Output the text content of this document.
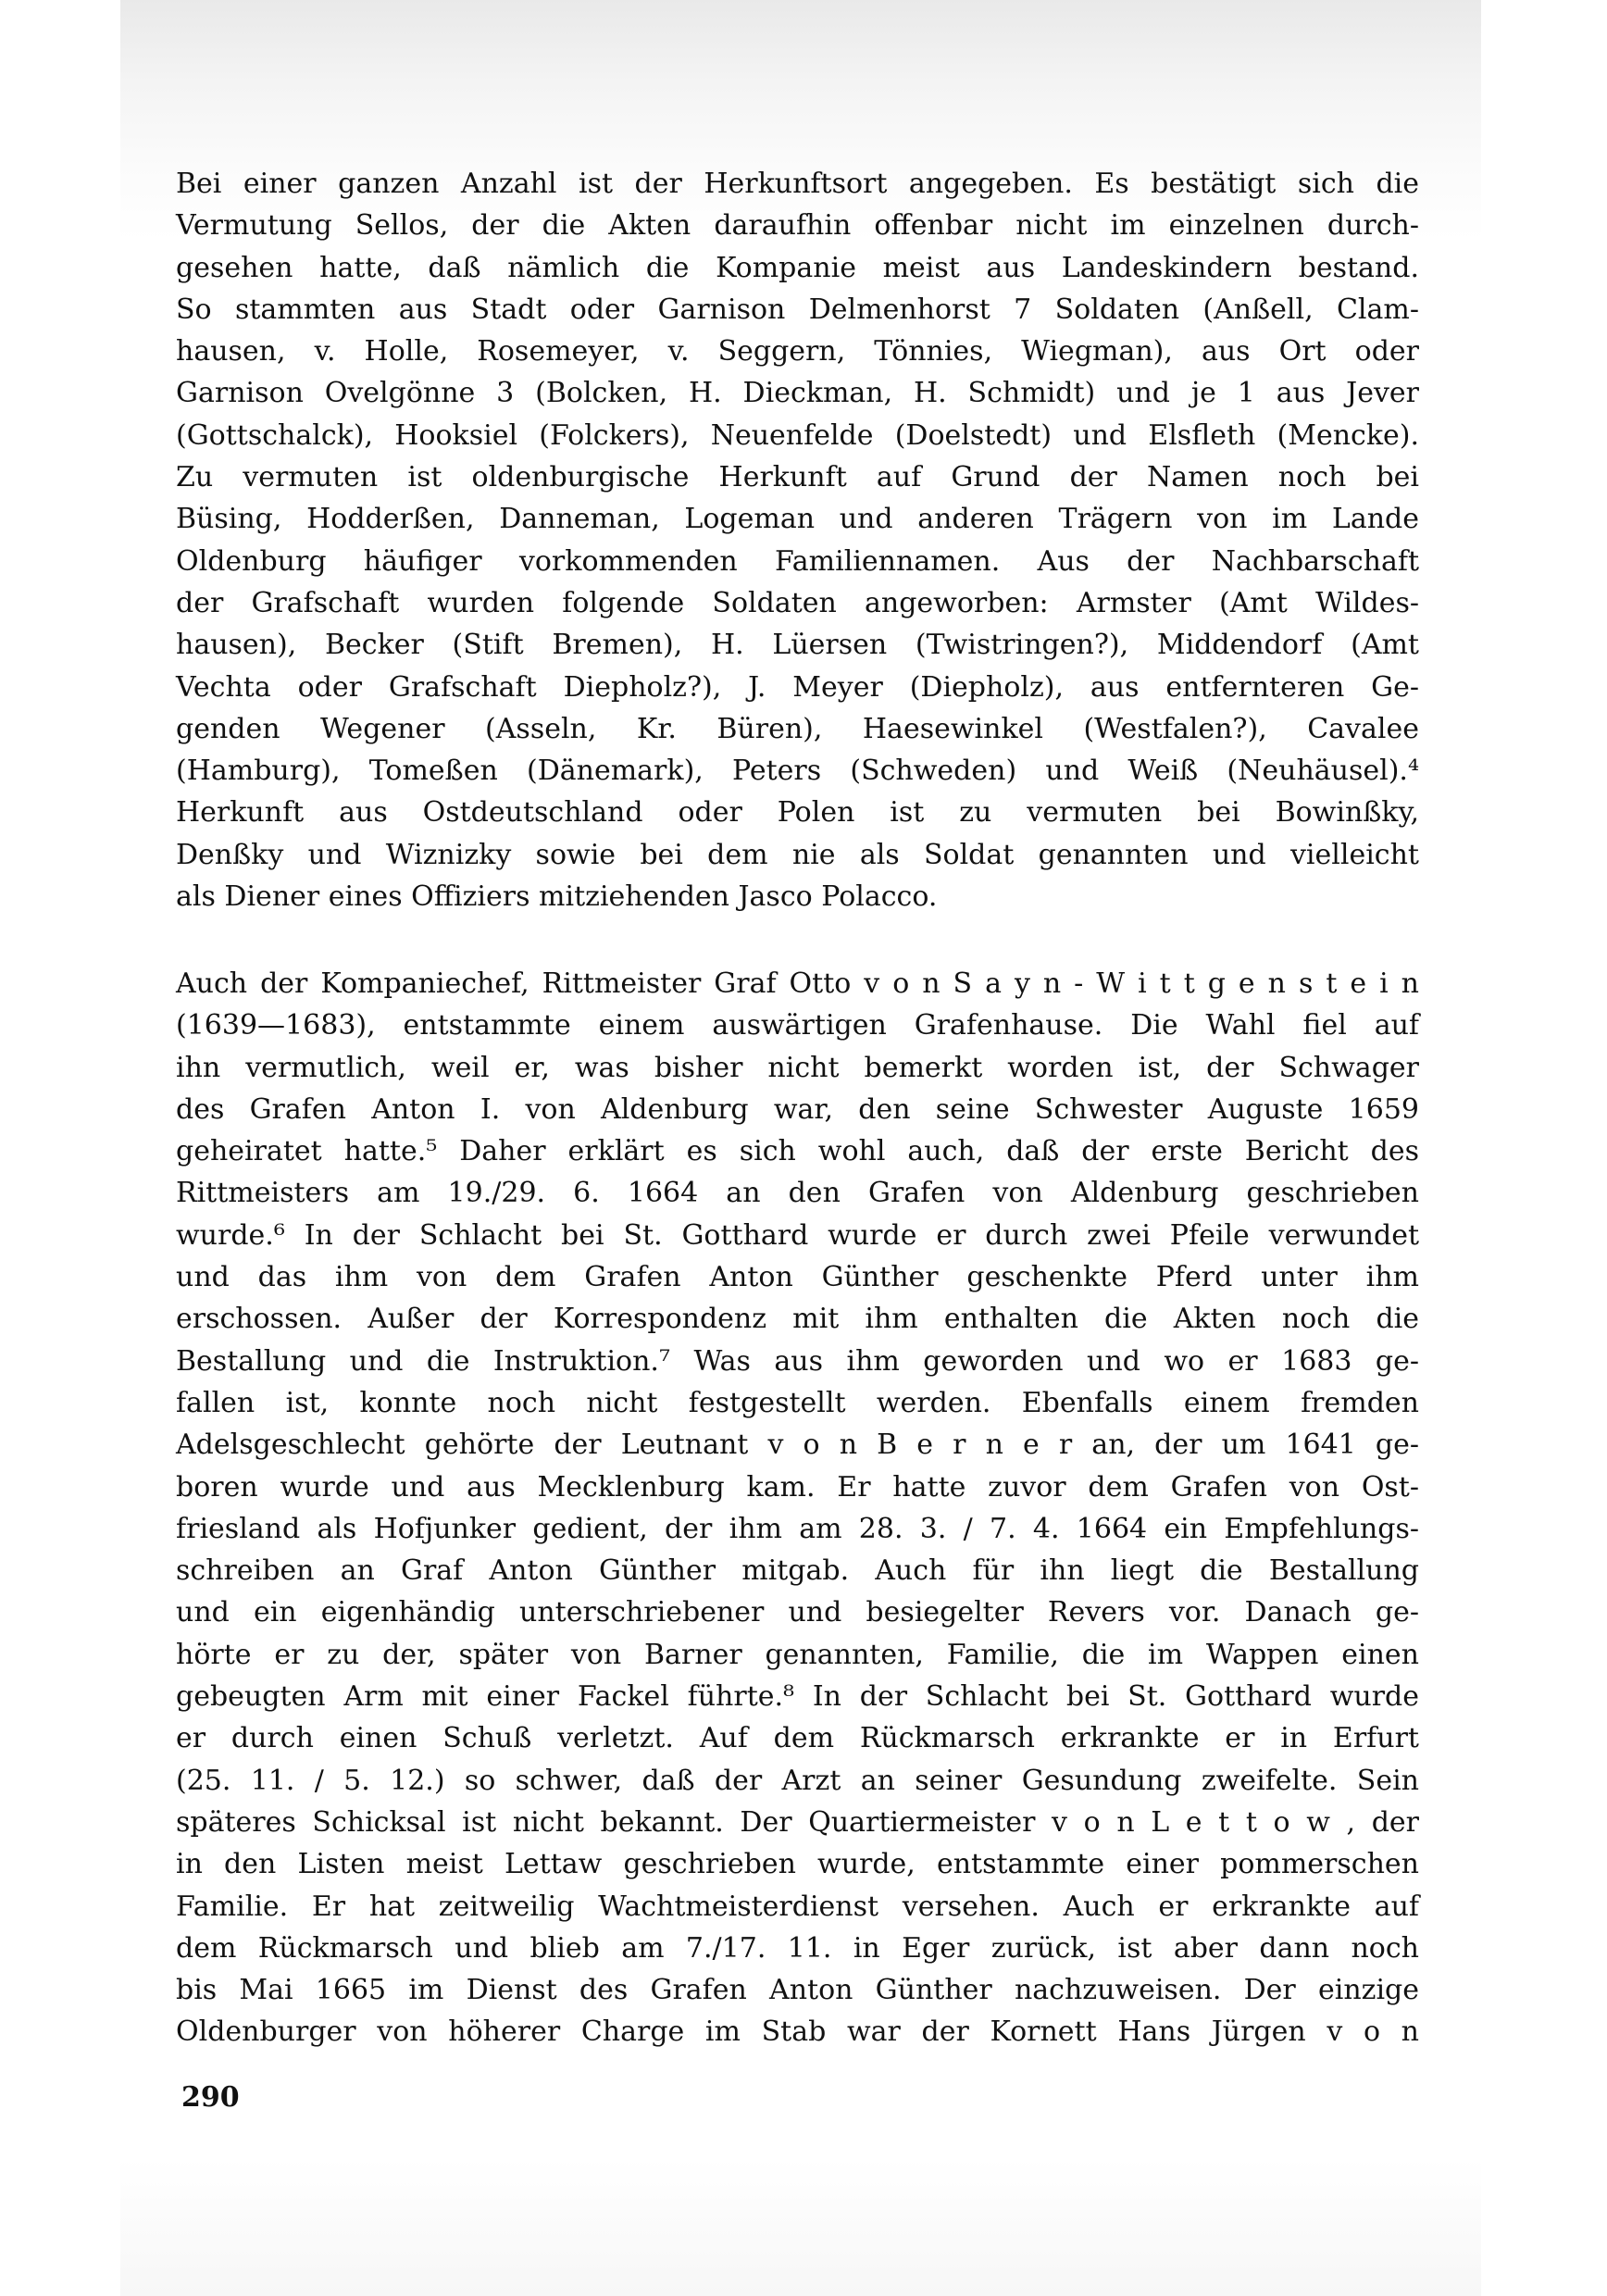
Bei einer ganzen Anzahl ist der Herkunftsort angegeben. Es bestätigt sich die
Vermutung Sellos, der die Akten daraufhin offenbar nicht im einzelnen durch-
gesehen hatte, daß nämlich die Kompanie meist aus Landeskindern bestand.
So stammten aus Stadt oder Garnison Delmenhorst 7 Soldaten (Anßell, Clam-
hausen, v. Holle, Rosemeyer, v. Seggern, Tönnies, Wiegman), aus Ort oder
Garnison Ovelgönne 3 (Bolcken, H. Dieckman, H. Schmidt) und je 1 aus Jever
(Gottschalck), Hooksiel (Folckers), Neuenfelde (Doelstedt) und Elsfleth (Mencke).
Zu vermuten ist oldenburgische Herkunft auf Grund der Namen noch bei
Büsing, Hodderßen, Danneman, Logeman und anderen Trägern von im Lande
Oldenburg häufiger vorkommenden Familiennamen. Aus der Nachbarschaft
der Grafschaft wurden folgende Soldaten angeworben: Armster (Amt Wildes-
hausen), Becker (Stift Bremen), H. Lüersen (Twistringen?), Middendorf (Amt
Vechta oder Grafschaft Diepholz?), J. Meyer (Diepholz), aus entfernteren Ge-
genden Wegener (Asseln, Kr. Büren), Haesewinkel (Westfalen?), Cavalee
(Hamburg), Tomeßen (Dänemark), Peters (Schweden) und Weiß (Neuhäusel).⁴
Herkunft aus Ostdeutschland oder Polen ist zu vermuten bei Bowinßky,
Denßky und Wiznizky sowie bei dem nie als Soldat genannten und vielleicht
als Diener eines Offiziers mitziehenden Jasco Polacco.
Auch der Kompaniechef, Rittmeister Graf Otto v o n S a y n - W i t t g e n s t e i n
(1639—1683), entstammte einem auswärtigen Grafenhause. Die Wahl fiel auf
ihn vermutlich, weil er, was bisher nicht bemerkt worden ist, der Schwager
des Grafen Anton I. von Aldenburg war, den seine Schwester Auguste 1659
geheiratet hatte.⁵ Daher erklärt es sich wohl auch, daß der erste Bericht des
Rittmeisters am 19./29. 6. 1664 an den Grafen von Aldenburg geschrieben
wurde.⁶ In der Schlacht bei St. Gotthard wurde er durch zwei Pfeile verwundet
und das ihm von dem Grafen Anton Günther geschenkte Pferd unter ihm
erschossen. Außer der Korrespondenz mit ihm enthalten die Akten noch die
Bestallung und die Instruktion.⁷ Was aus ihm geworden und wo er 1683 ge-
fallen ist, konnte noch nicht festgestellt werden. Ebenfalls einem fremden
Adelsgeschlecht gehörte der Leutnant v o n B e r n e r an, der um 1641 ge-
boren wurde und aus Mecklenburg kam. Er hatte zuvor dem Grafen von Ost-
friesland als Hofjunker gedient, der ihm am 28. 3. / 7. 4. 1664 ein Empfehlungs-
schreiben an Graf Anton Günther mitgab. Auch für ihn liegt die Bestallung
und ein eigenhändig unterschriebener und besiegelter Revers vor. Danach ge-
hörte er zu der, später von Barner genannten, Familie, die im Wappen einen
gebeugten Arm mit einer Fackel führte.⁸ In der Schlacht bei St. Gotthard wurde
er durch einen Schuß verletzt. Auf dem Rückmarsch erkrankte er in Erfurt
(25. 11. / 5. 12.) so schwer, daß der Arzt an seiner Gesundung zweifelte. Sein
späteres Schicksal ist nicht bekannt. Der Quartiermeister v o n L e t t o w , der
in den Listen meist Lettaw geschrieben wurde, entstammte einer pommerschen
Familie. Er hat zeitweilig Wachtmeisterdienst versehen. Auch er erkrankte auf
dem Rückmarsch und blieb am 7./17. 11. in Eger zurück, ist aber dann noch
bis Mai 1665 im Dienst des Grafen Anton Günther nachzuweisen. Der einzige
Oldenburger von höherer Charge im Stab war der Kornett Hans Jürgen v o n
290
